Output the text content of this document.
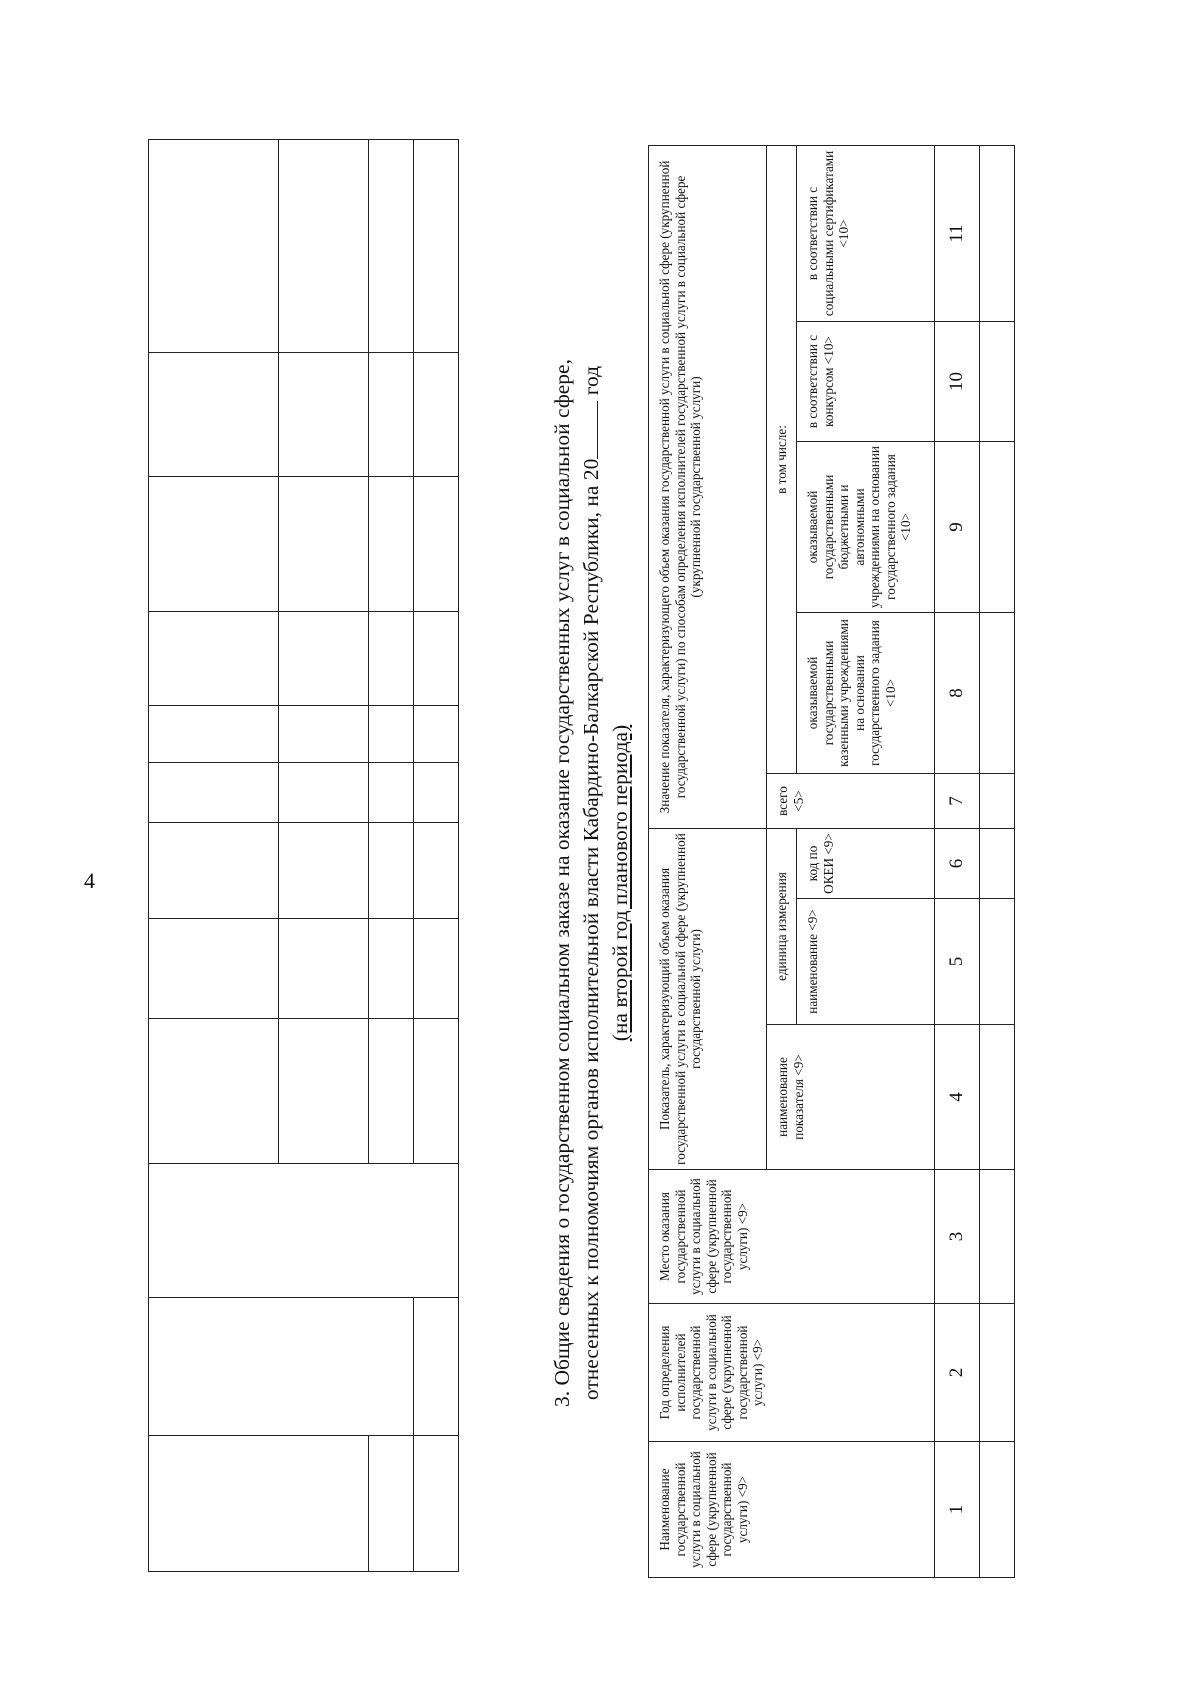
4

											3. Общие сведения о государственном социальном заказе на оказание государственных услуг в социальной сфере, отнесенных к полномочиям органов исполнительной власти Кабардино-Балкарской Республики, на 20 год
(на второй год планового периода)
Наименование государственной услуги в социальной сфере (укрупненной государственной услуги) <9>	Год определения исполнителей государственной услуги в социальной сфере (укрупненной государственной услуги) <9>	Место оказания государственной услуги в социальной сфере (укрупненной государственной услуги) <9>	Показатель, характеризующий объем оказания государственной услуги в социальной сфере (укрупненной государственной услуги)			Значение показателя, характеризующего объем оказания государственной услуги в социальной сфере (укрупненной государственной услуги) по способам определения исполнителей государственной услуги в социальной сфере (укрупненной государственной услуги)				

			наименование показателя <9>	единица измерения		всего <5>	в том числе:			
				наименование <9>	код по ОКЕИ <9>		оказываемой государственными казенными учреждениями на основании государственного задания <10>	оказываемой государственными бюджетными и автономными учреждениями на основании государственного задания <10>	в соответствии с конкурсом <10>	в соответствии с социальными сертификатами <10>
1	2	3	4	5	6	7	8	9	10	11
